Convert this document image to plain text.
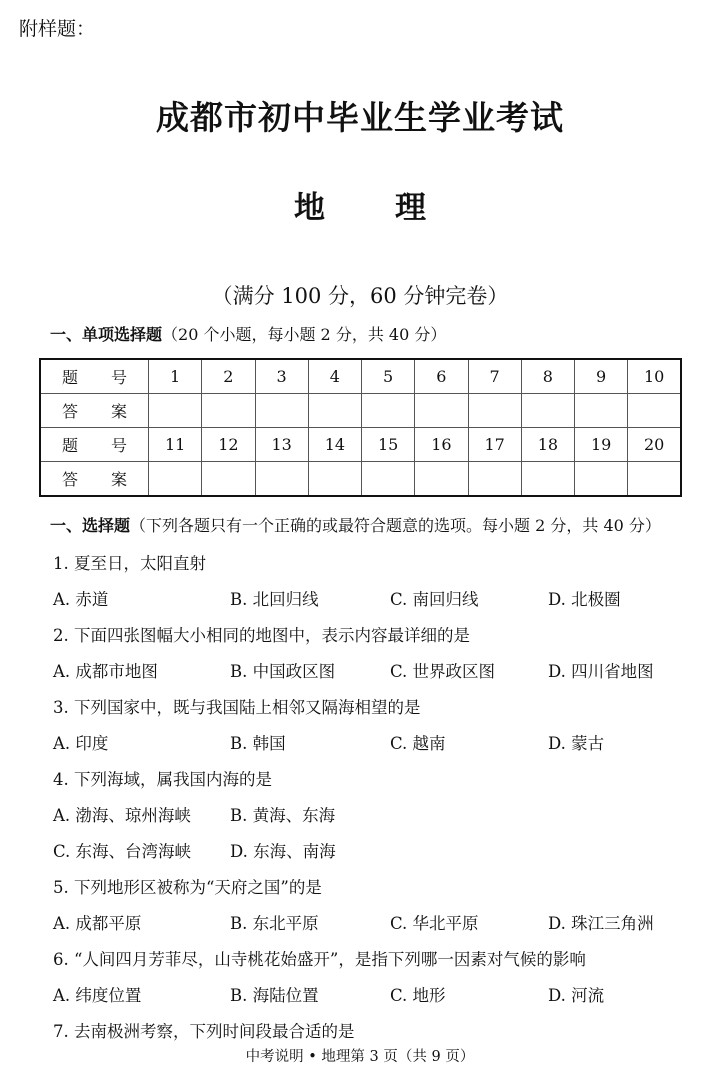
附样题：
成都市初中毕业生学业考试
地 理
（满分 100 分，60 分钟完卷）
一、单项选择题（20 个小题，每小题 2 分，共 40 分）
题 号	1	2	3	4	5	6	7	8	9	10
答 案										
题 号	11	12	13	14	15	16	17	18	19	20
答 案										
一、选择题（下列各题只有一个正确的或最符合题意的选项。每小题 2 分，共 40 分）
1. 夏至日，太阳直射
A. 赤道	B. 北回归线	C. 南回归线	D. 北极圈
2. 下面四张图幅大小相同的地图中，表示内容最详细的是
A. 成都市地图	B. 中国政区图	C. 世界政区图	D. 四川省地图
3. 下列国家中，既与我国陆上相邻又隔海相望的是
A. 印度	B. 韩国	C. 越南	D. 蒙古
4. 下列海域，属我国内海的是
A. 渤海、琼州海峡 B. 黄海、东海
C. 东海、台湾海峡 D. 东海、南海
5. 下列地形区被称为“天府之国”的是
A. 成都平原	B. 东北平原	C. 华北平原	D. 珠江三角洲
6. “人间四月芳菲尽，山寺桃花始盛开”，是指下列哪一因素对气候的影响
A. 纬度位置	B. 海陆位置	C. 地形	D. 河流
7. 去南极洲考察，下列时间段最合适的是
中考说明 • 地理第 3 页（共 9 页）
